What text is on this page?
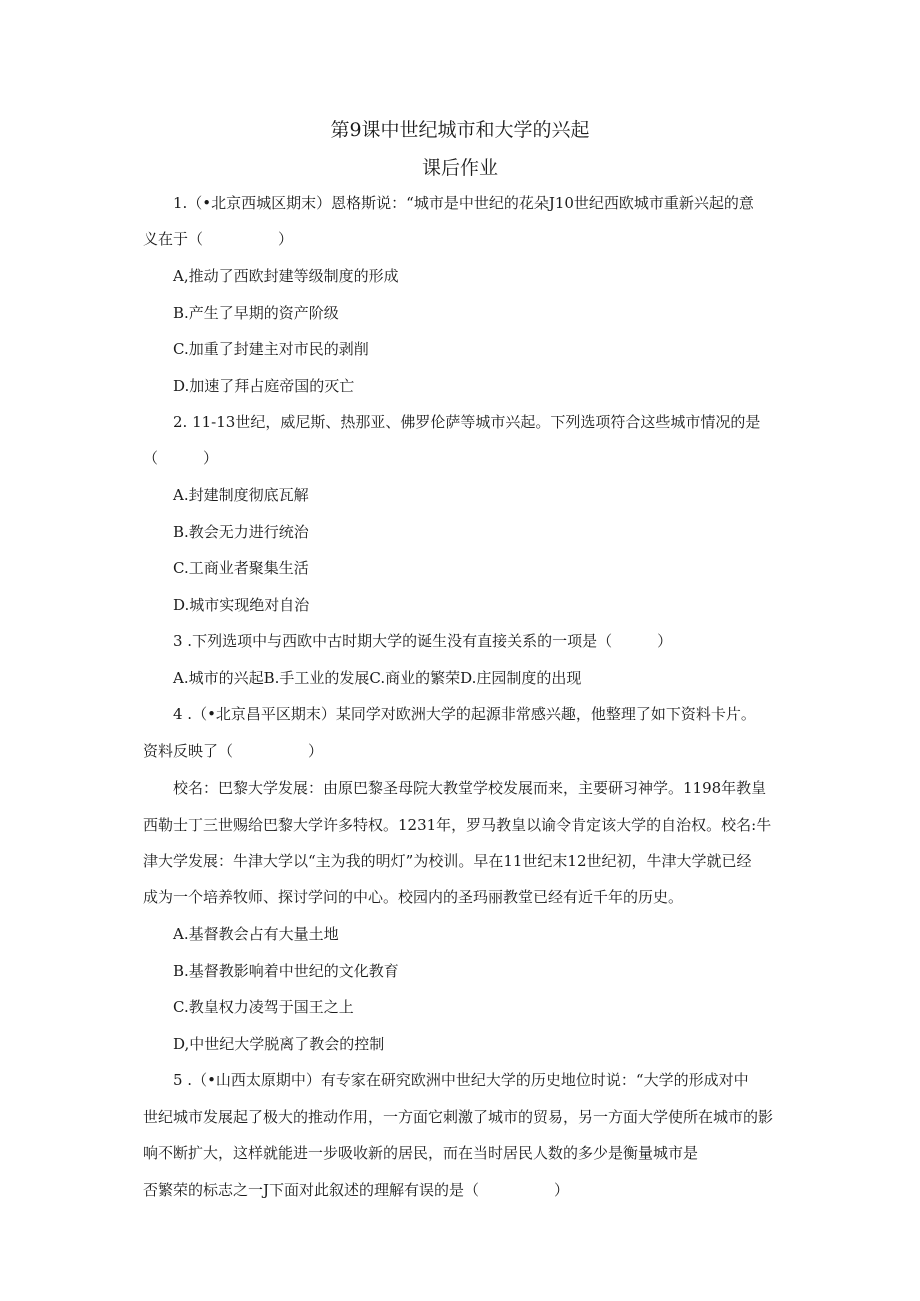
第9课中世纪城市和大学的兴起
课后作业
1.（•北京西城区期末）恩格斯说：“城市是中世纪的花朵J10世纪西欧城市重新兴起的意
义在于（　　　　　）
A,推动了西欧封建等级制度的形成
B.产生了早期的资产阶级
C.加重了封建主对市民的剥削
D.加速了拜占庭帝国的灭亡
2. 11-13世纪，威尼斯、热那亚、佛罗伦萨等城市兴起。下列选项符合这些城市情况的是
（　　　）
A.封建制度彻底瓦解
B.教会无力进行统治
C.工商业者聚集生活
D.城市实现绝对自治
3 .下列选项中与西欧中古时期大学的诞生没有直接关系的一项是（　　　）
A.城市的兴起B.手工业的发展C.商业的繁荣D.庄园制度的出现
4 .（•北京昌平区期末）某同学对欧洲大学的起源非常感兴趣，他整理了如下资料卡片。
资料反映了（　　　　　）
校名：巴黎大学发展：由原巴黎圣母院大教堂学校发展而来，主要研习神学。1198年教皇
西勒士丁三世赐给巴黎大学许多特权。1231年，罗马教皇以谕令肯定该大学的自治权。校名:牛
津大学发展：牛津大学以“主为我的明灯”为校训。早在11世纪末12世纪初，牛津大学就已经
成为一个培养牧师、探讨学问的中心。校园内的圣玛丽教堂已经有近千年的历史。
A.基督教会占有大量土地
B.基督教影响着中世纪的文化教育
C.教皇权力凌驾于国王之上
D,中世纪大学脱离了教会的控制
5 .（•山西太原期中）有专家在研究欧洲中世纪大学的历史地位时说：“大学的形成对中
世纪城市发展起了极大的推动作用，一方面它刺激了城市的贸易，另一方面大学使所在城市的影
响不断扩大，这样就能进一步吸收新的居民，而在当时居民人数的多少是衡量城市是
否繁荣的标志之一J下面对此叙述的理解有误的是（　　　　　）
